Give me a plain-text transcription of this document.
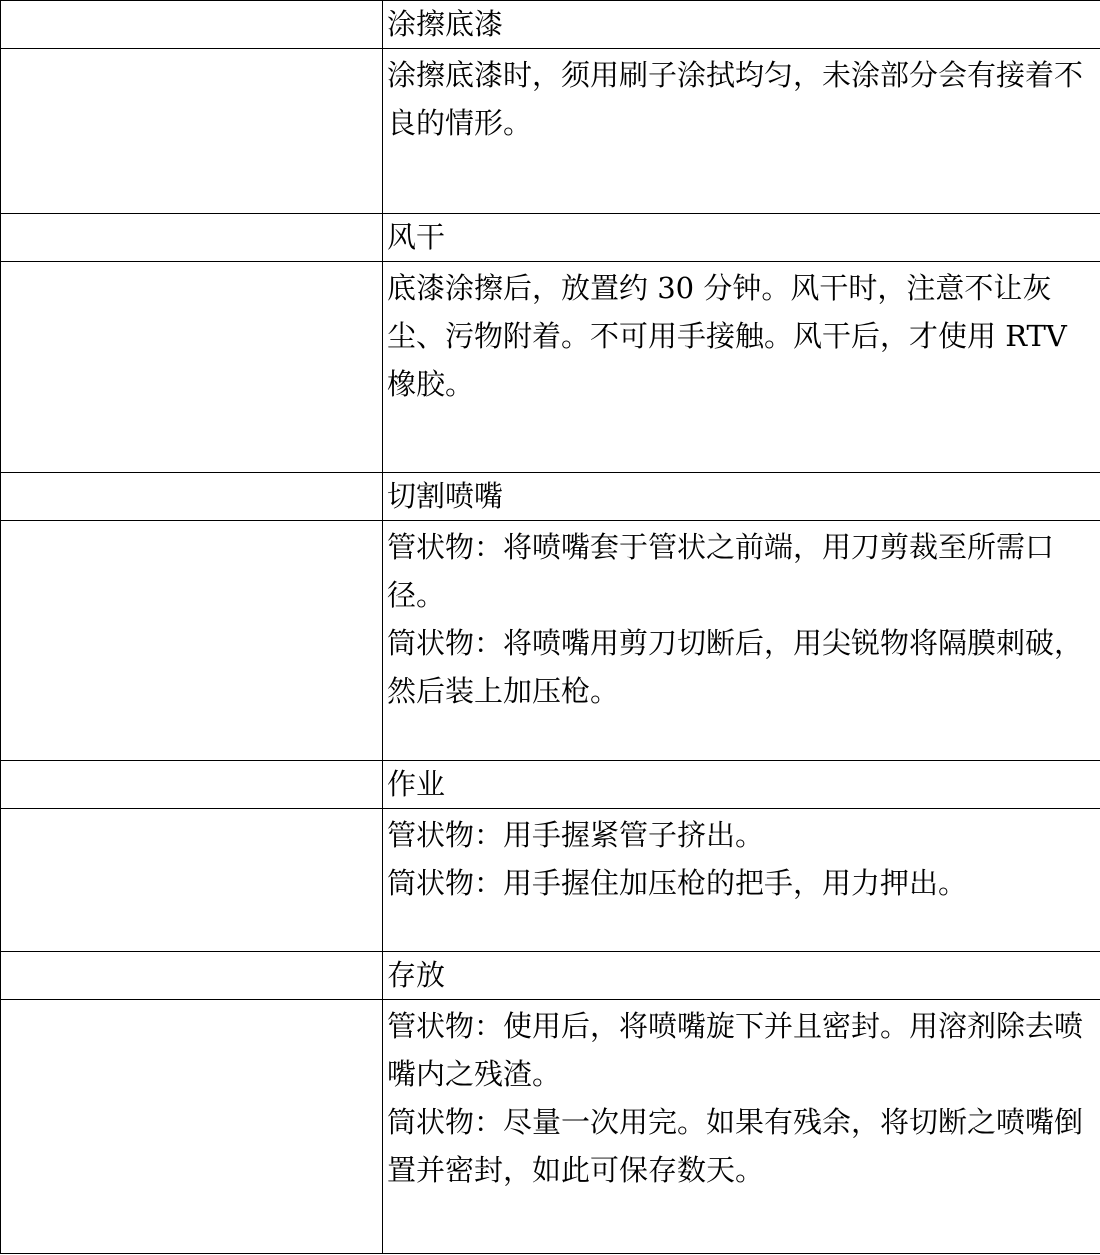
	涂擦底漆

	涂擦底漆时，须用刷子涂拭均匀，未涂部分会有接着不良的情形。

	风干

	底漆涂擦后，放置约 30 分钟。风干时，注意不让灰尘、污物附着。不可用手接触。风干后，才使用 RTV 橡胶。

	切割喷嘴

	管状物：将喷嘴套于管状之前端，用刀剪裁至所需口径。

筒状物：将喷嘴用剪刀切断后，用尖锐物将隔膜刺破，然后装上加压枪。

	作业

	管状物：用手握紧管子挤出。

筒状物：用手握住加压枪的把手，用力押出。

	存放

	管状物：使用后，将喷嘴旋下并且密封。用溶剂除去喷嘴内之残渣。

筒状物：尽量一次用完。如果有残余，将切断之喷嘴倒置并密封，如此可保存数天。
